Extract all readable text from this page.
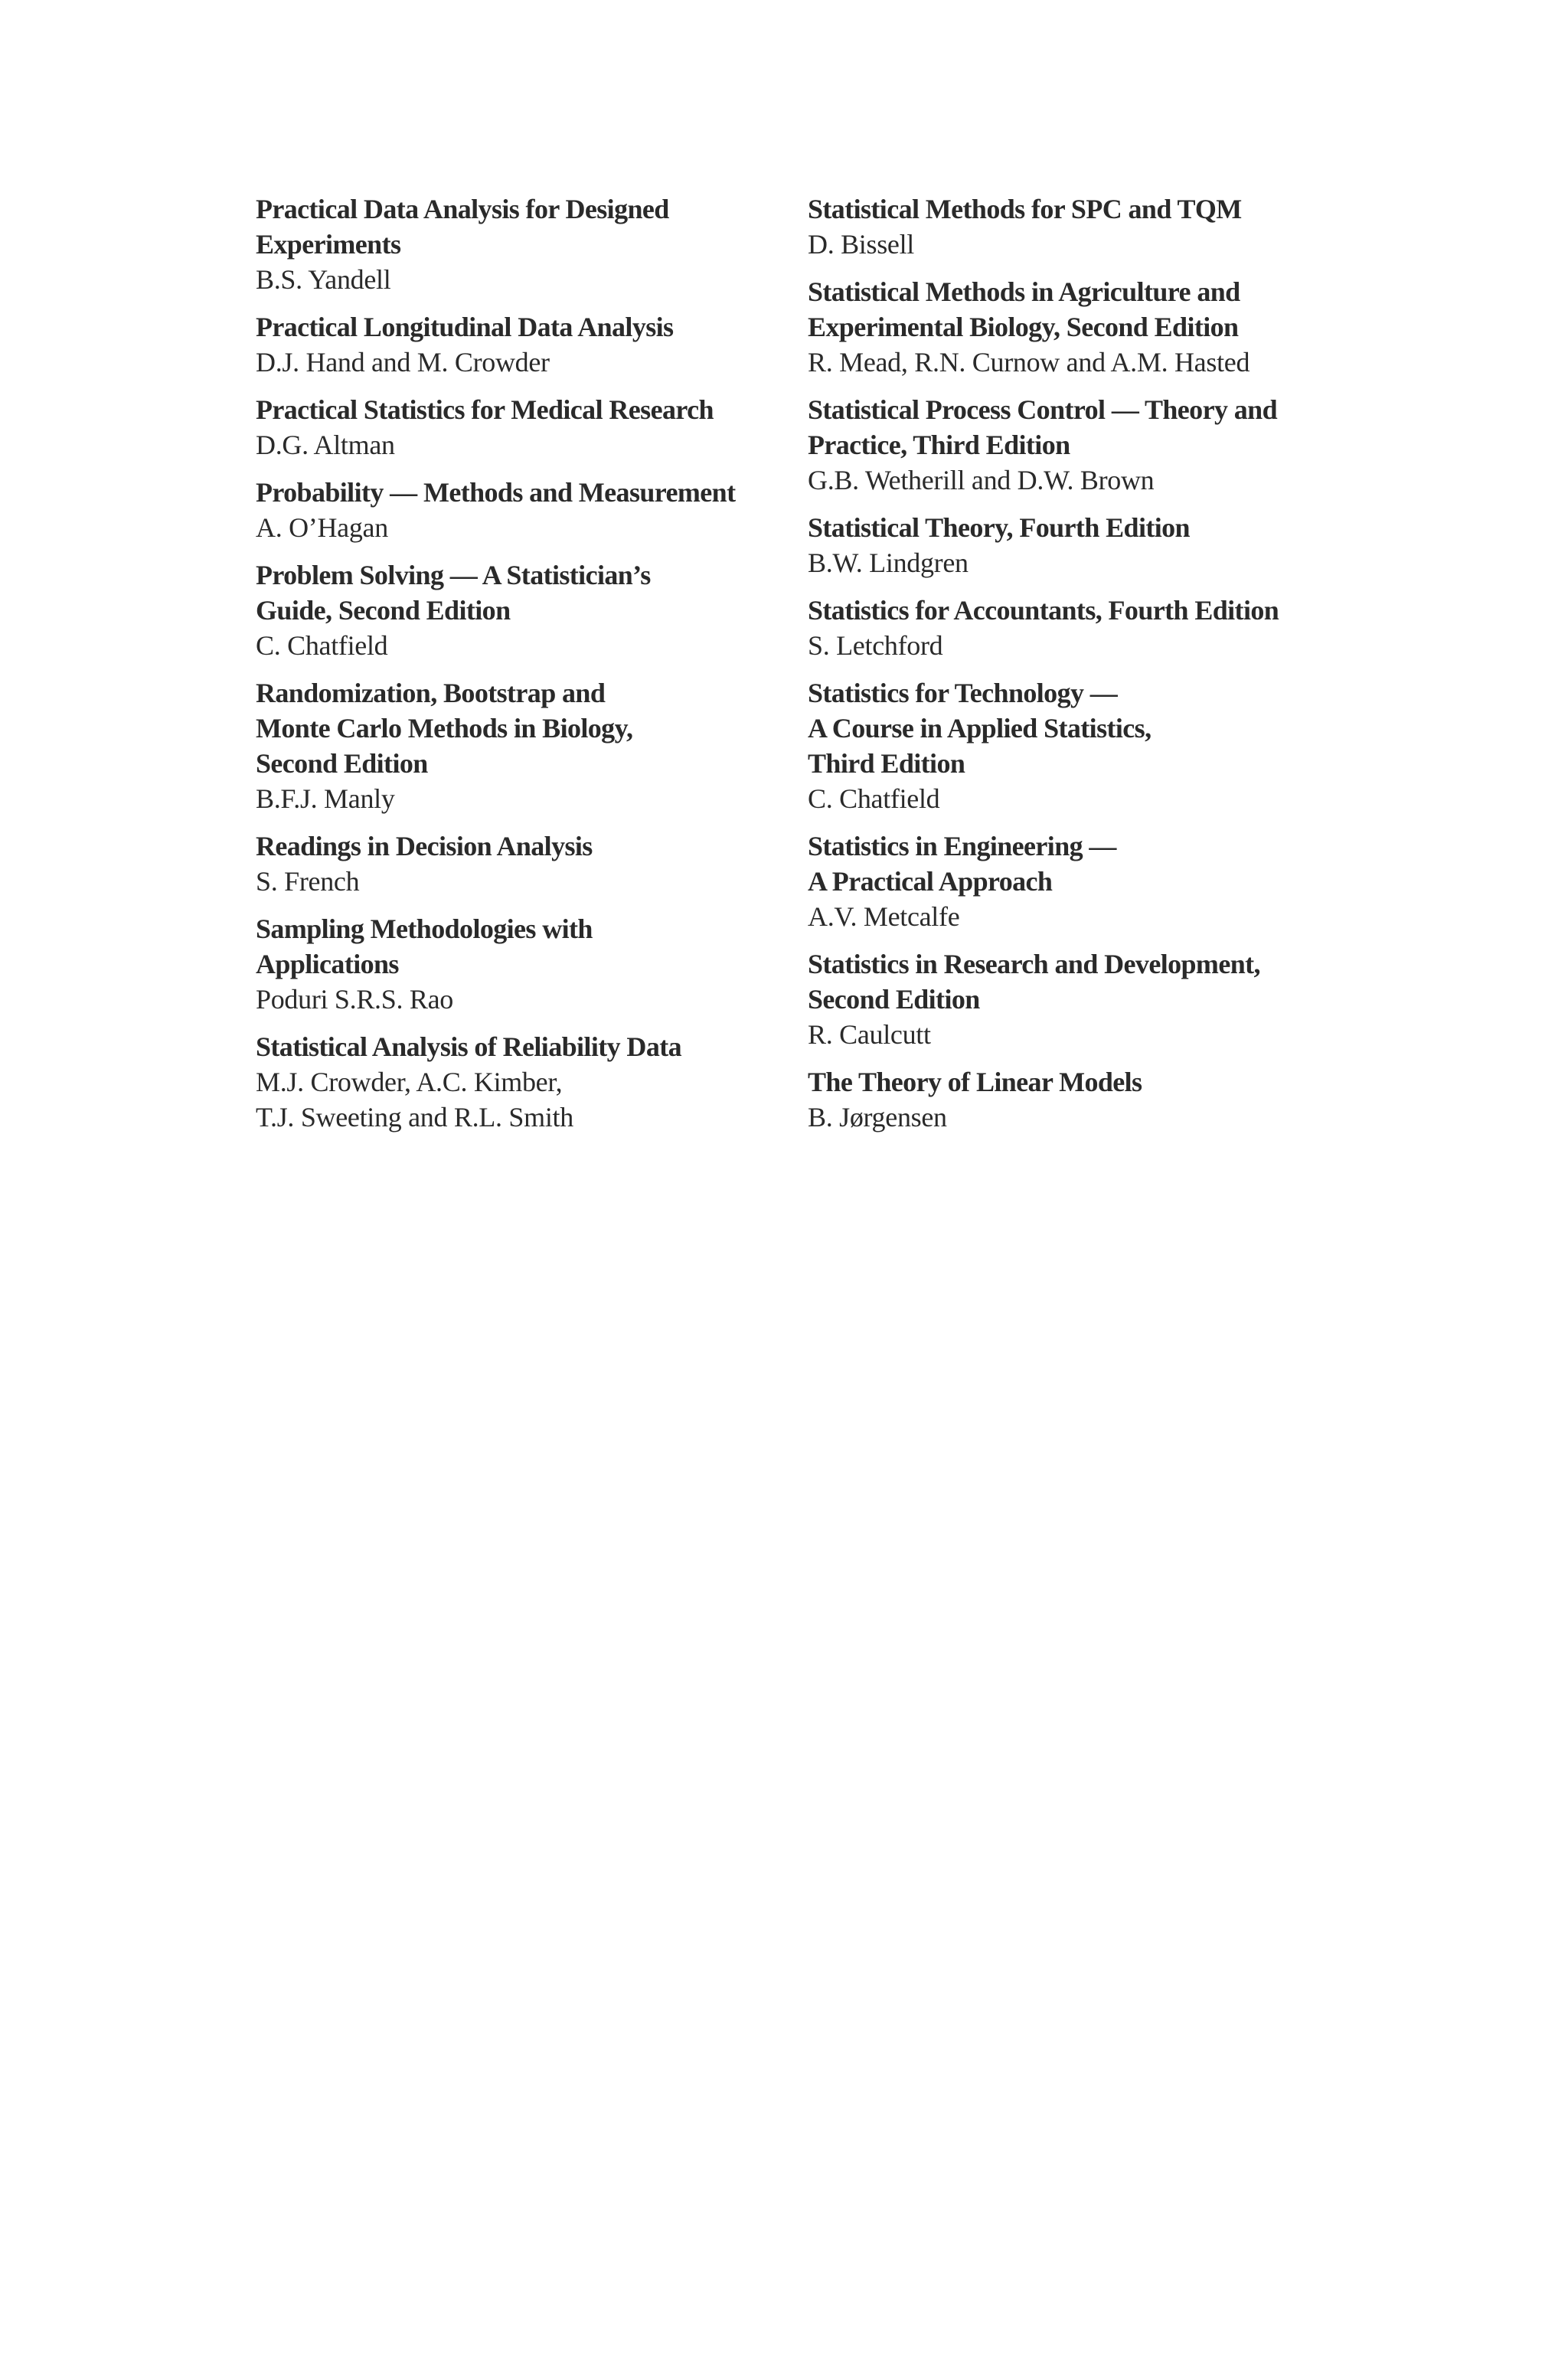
Practical Data Analysis for Designed
Experiments
B.S. Yandell
Practical Longitudinal Data Analysis
D.J. Hand and M. Crowder
Practical Statistics for Medical Research
D.G. Altman
Probability — Methods and Measurement
A. O’Hagan
Problem Solving — A Statistician’s
Guide, Second Edition
C. Chatfield
Randomization, Bootstrap and
Monte Carlo Methods in Biology,
Second Edition
B.F.J. Manly
Readings in Decision Analysis
S. French
Sampling Methodologies with
Applications
Poduri S.R.S. Rao
Statistical Analysis of Reliability Data
M.J. Crowder, A.C. Kimber,
T.J. Sweeting and R.L. Smith
Statistical Methods for SPC and TQM
D. Bissell
Statistical Methods in Agriculture and
Experimental Biology, Second Edition
R. Mead, R.N. Curnow and A.M. Hasted
Statistical Process Control — Theory and
Practice, Third Edition
G.B. Wetherill and D.W. Brown
Statistical Theory, Fourth Edition
B.W. Lindgren
Statistics for Accountants, Fourth Edition
S. Letchford
Statistics for Technology —
A Course in Applied Statistics,
Third Edition
C. Chatfield
Statistics in Engineering —
A Practical Approach
A.V. Metcalfe
Statistics in Research and Development,
Second Edition
R. Caulcutt
The Theory of Linear Models
B. Jørgensen
